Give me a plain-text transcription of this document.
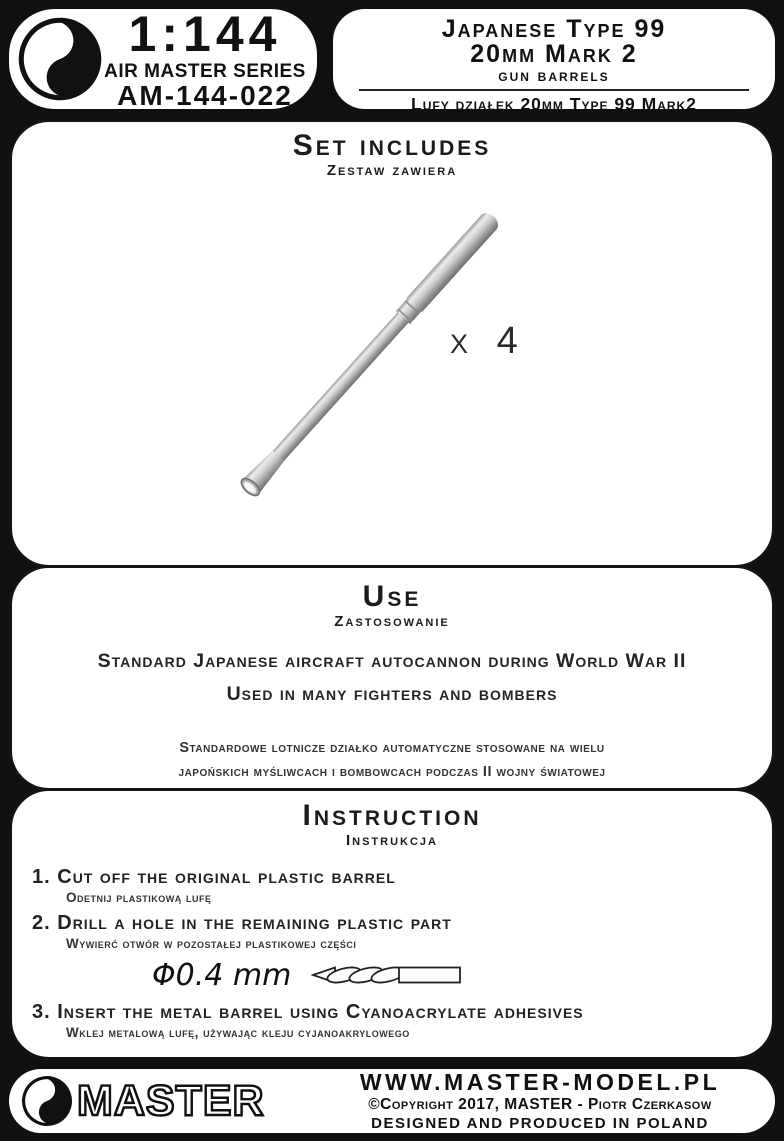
1:144
AIR MASTER SERIES
AM-144-022
Japanese Type 99
20mm Mark 2
gun barrels
Lufy działek 20mm Type 99 Mark2
Set includes
Zestaw zawiera
x 4
Use
Zastosowanie
Standard Japanese aircraft autocannon during World War II
Used in many fighters and bombers
Standardowe lotnicze działko automatyczne stosowane na wielu
japońskich myśliwcach i bombowcach podczas II wojny światowej
Instruction
Instrukcja
1. Cut off the original plastic barrel
Odetnij plastikową lufę
2. Drill a hole in the remaining plastic part
Wywierć otwór w pozostałej plastikowej części
Φ0.4 mm
3. Insert the metal barrel using Cyanoacrylate adhesives
Wklej metalową lufę, używając kleju cyjanoakrylowego
MASTER	WWW.MASTER-MODEL.PL
©Copyright 2017, MASTER - Piotr Czerkasow
DESIGNED AND PRODUCED IN POLAND
